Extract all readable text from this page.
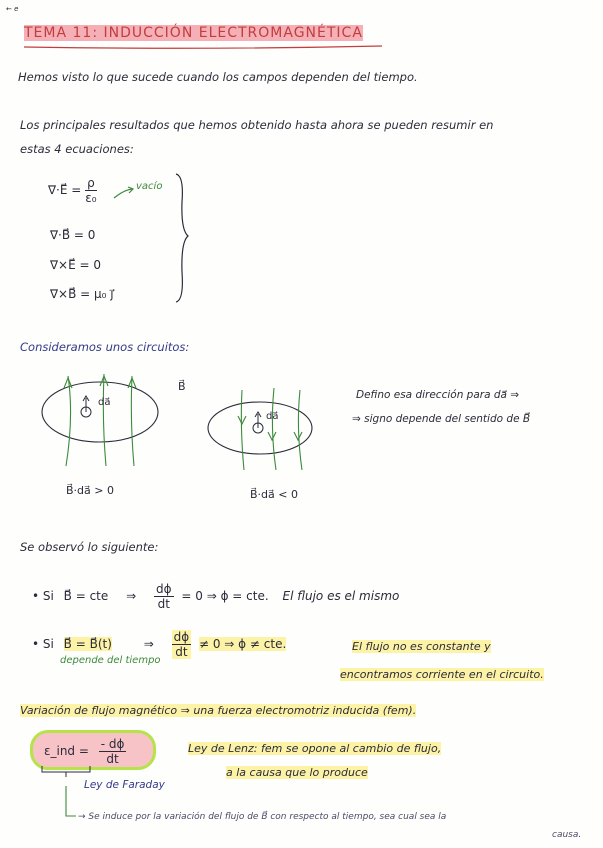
← e
TEMA 11: INDUCCIÓN ELECTROMAGNÉTICA
Hemos visto lo que sucede cuando los campos dependen del tiempo.
Los principales resultados que hemos obtenido hasta ahora se pueden resumir en
estas 4 ecuaciones:
∇·E⃗ = $\frac{\rho}{\text{ε₀}}$	vacío
∇·B⃗ = 0
∇×E⃗ = 0
∇×B⃗ = μ₀ j⃗
Consideramos unos circuitos:
da⃗
da⃗
B⃗
B⃗·da⃗ > 0	B⃗·da⃗ < 0
Defino esa dirección para da⃗ ⇒
⇒ signo depende del sentido de B⃗
Se observó lo siguiente:
• Si B⃗ = cte ⇒ $\frac{d\phi}{dt} = 0$ ⇒ ϕ = cte. El flujo es el mismo
• Si B⃗ = B⃗(t)	⇒ $\frac{d\phi}{dt} \ne 0$ ⇒ ϕ ≠ cte.
depende del tiempo
El flujo no es constante y
encontramos corriente en el circuito.
Variación de flujo magnético ⇒ una fuerza electromotriz inducida (fem).
ε_ind = $\frac{- d\phi}{dt}$
Ley de Faraday
Ley de Lenz: fem se opone al cambio de flujo,
a la causa que lo produce
→ Se induce por la variación del flujo de B⃗ con respecto al tiempo, sea cual sea la
causa.
